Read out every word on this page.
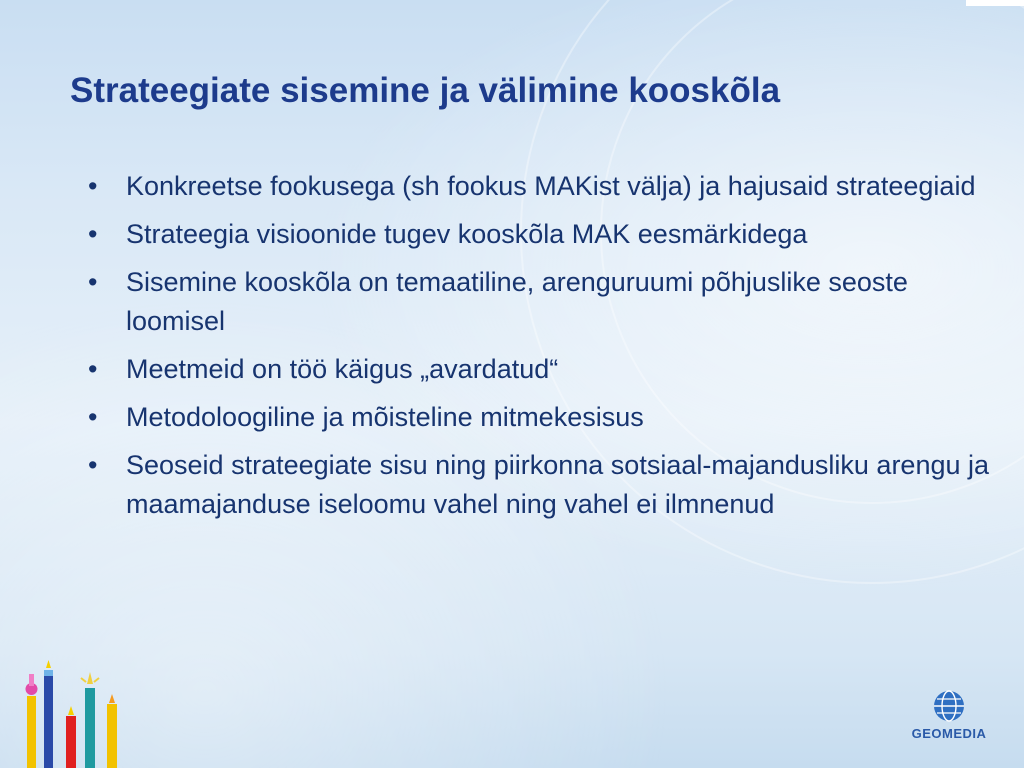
Strateegiate sisemine ja välimine kooskõla
• Konkreetse fookusega (sh fookus MAKist välja) ja hajusaid strateegiaid
• Strateegia visioonide tugev kooskõla MAK eesmärkidega
• Sisemine kooskõla on temaatiline, arenguruumi põhjuslike seoste loomisel
• Meetmeid on töö käigus „avardatud“
• Metodoloogiline ja mõisteline mitmekesisus
• Seoseid strateegiate sisu ning piirkonna sotsiaal-majandusliku arengu ja maamajanduse iseloomu vahel ning vahel ei ilmnenud
GEOMEDIA
